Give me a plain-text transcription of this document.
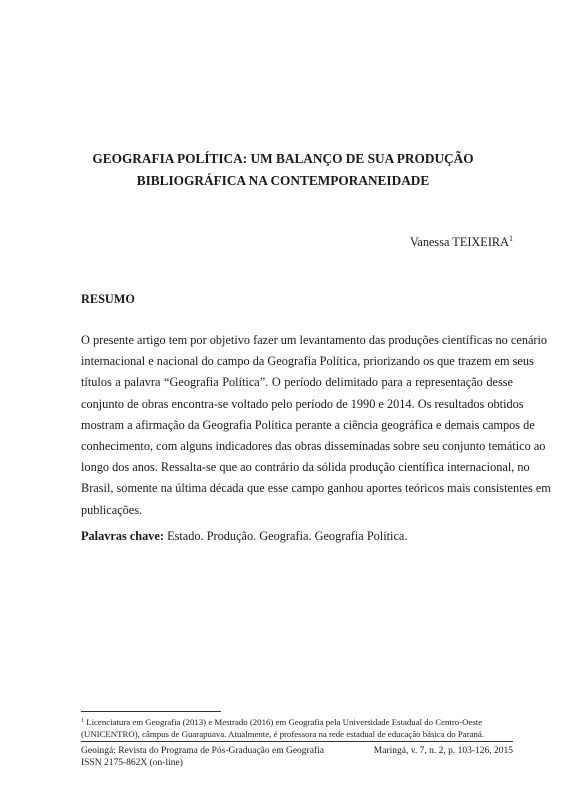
GEOGRAFIA POLÍTICA: UM BALANÇO DE SUA PRODUÇÃO
BIBLIOGRÁFICA NA CONTEMPORANEIDADE
Vanessa TEIXEIRA$^1$
RESUMO
O presente artigo tem por objetivo fazer um levantamento das produções científicas no cenário
internacional e nacional do campo da Geografia Política, priorizando os que trazem em seus
títulos a palavra “Geografia Política”. O período delimitado para a representação desse
conjunto de obras encontra-se voltado pelo período de 1990 e 2014. Os resultados obtidos
mostram a afirmação da Geografia Política perante a ciência geográfica e demais campos de
conhecimento, com alguns indicadores das obras disseminadas sobre seu conjunto temático ao
longo dos anos. Ressalta-se que ao contrário da sólida produção científica internacional, no
Brasil, somente na última década que esse campo ganhou aportes teóricos mais consistentes em
publicações.
Palavras chave: Estado. Produção. Geografia. Geografia Política.
$^1$ Licenciatura em Geografia (2013) e Mestrado (2016) em Geografia pela Universidade Estadual do Centro-Oeste
(UNICENTRO), câmpus de Guarapuava. Atualmente, é professora na rede estadual de educação básica do Paraná.
Geoingá: Revista do Programa de Pós-Graduação em Geografia	Maringá, v. 7, n. 2, p. 103-126, 2015
ISSN 2175-862X (on-line)
